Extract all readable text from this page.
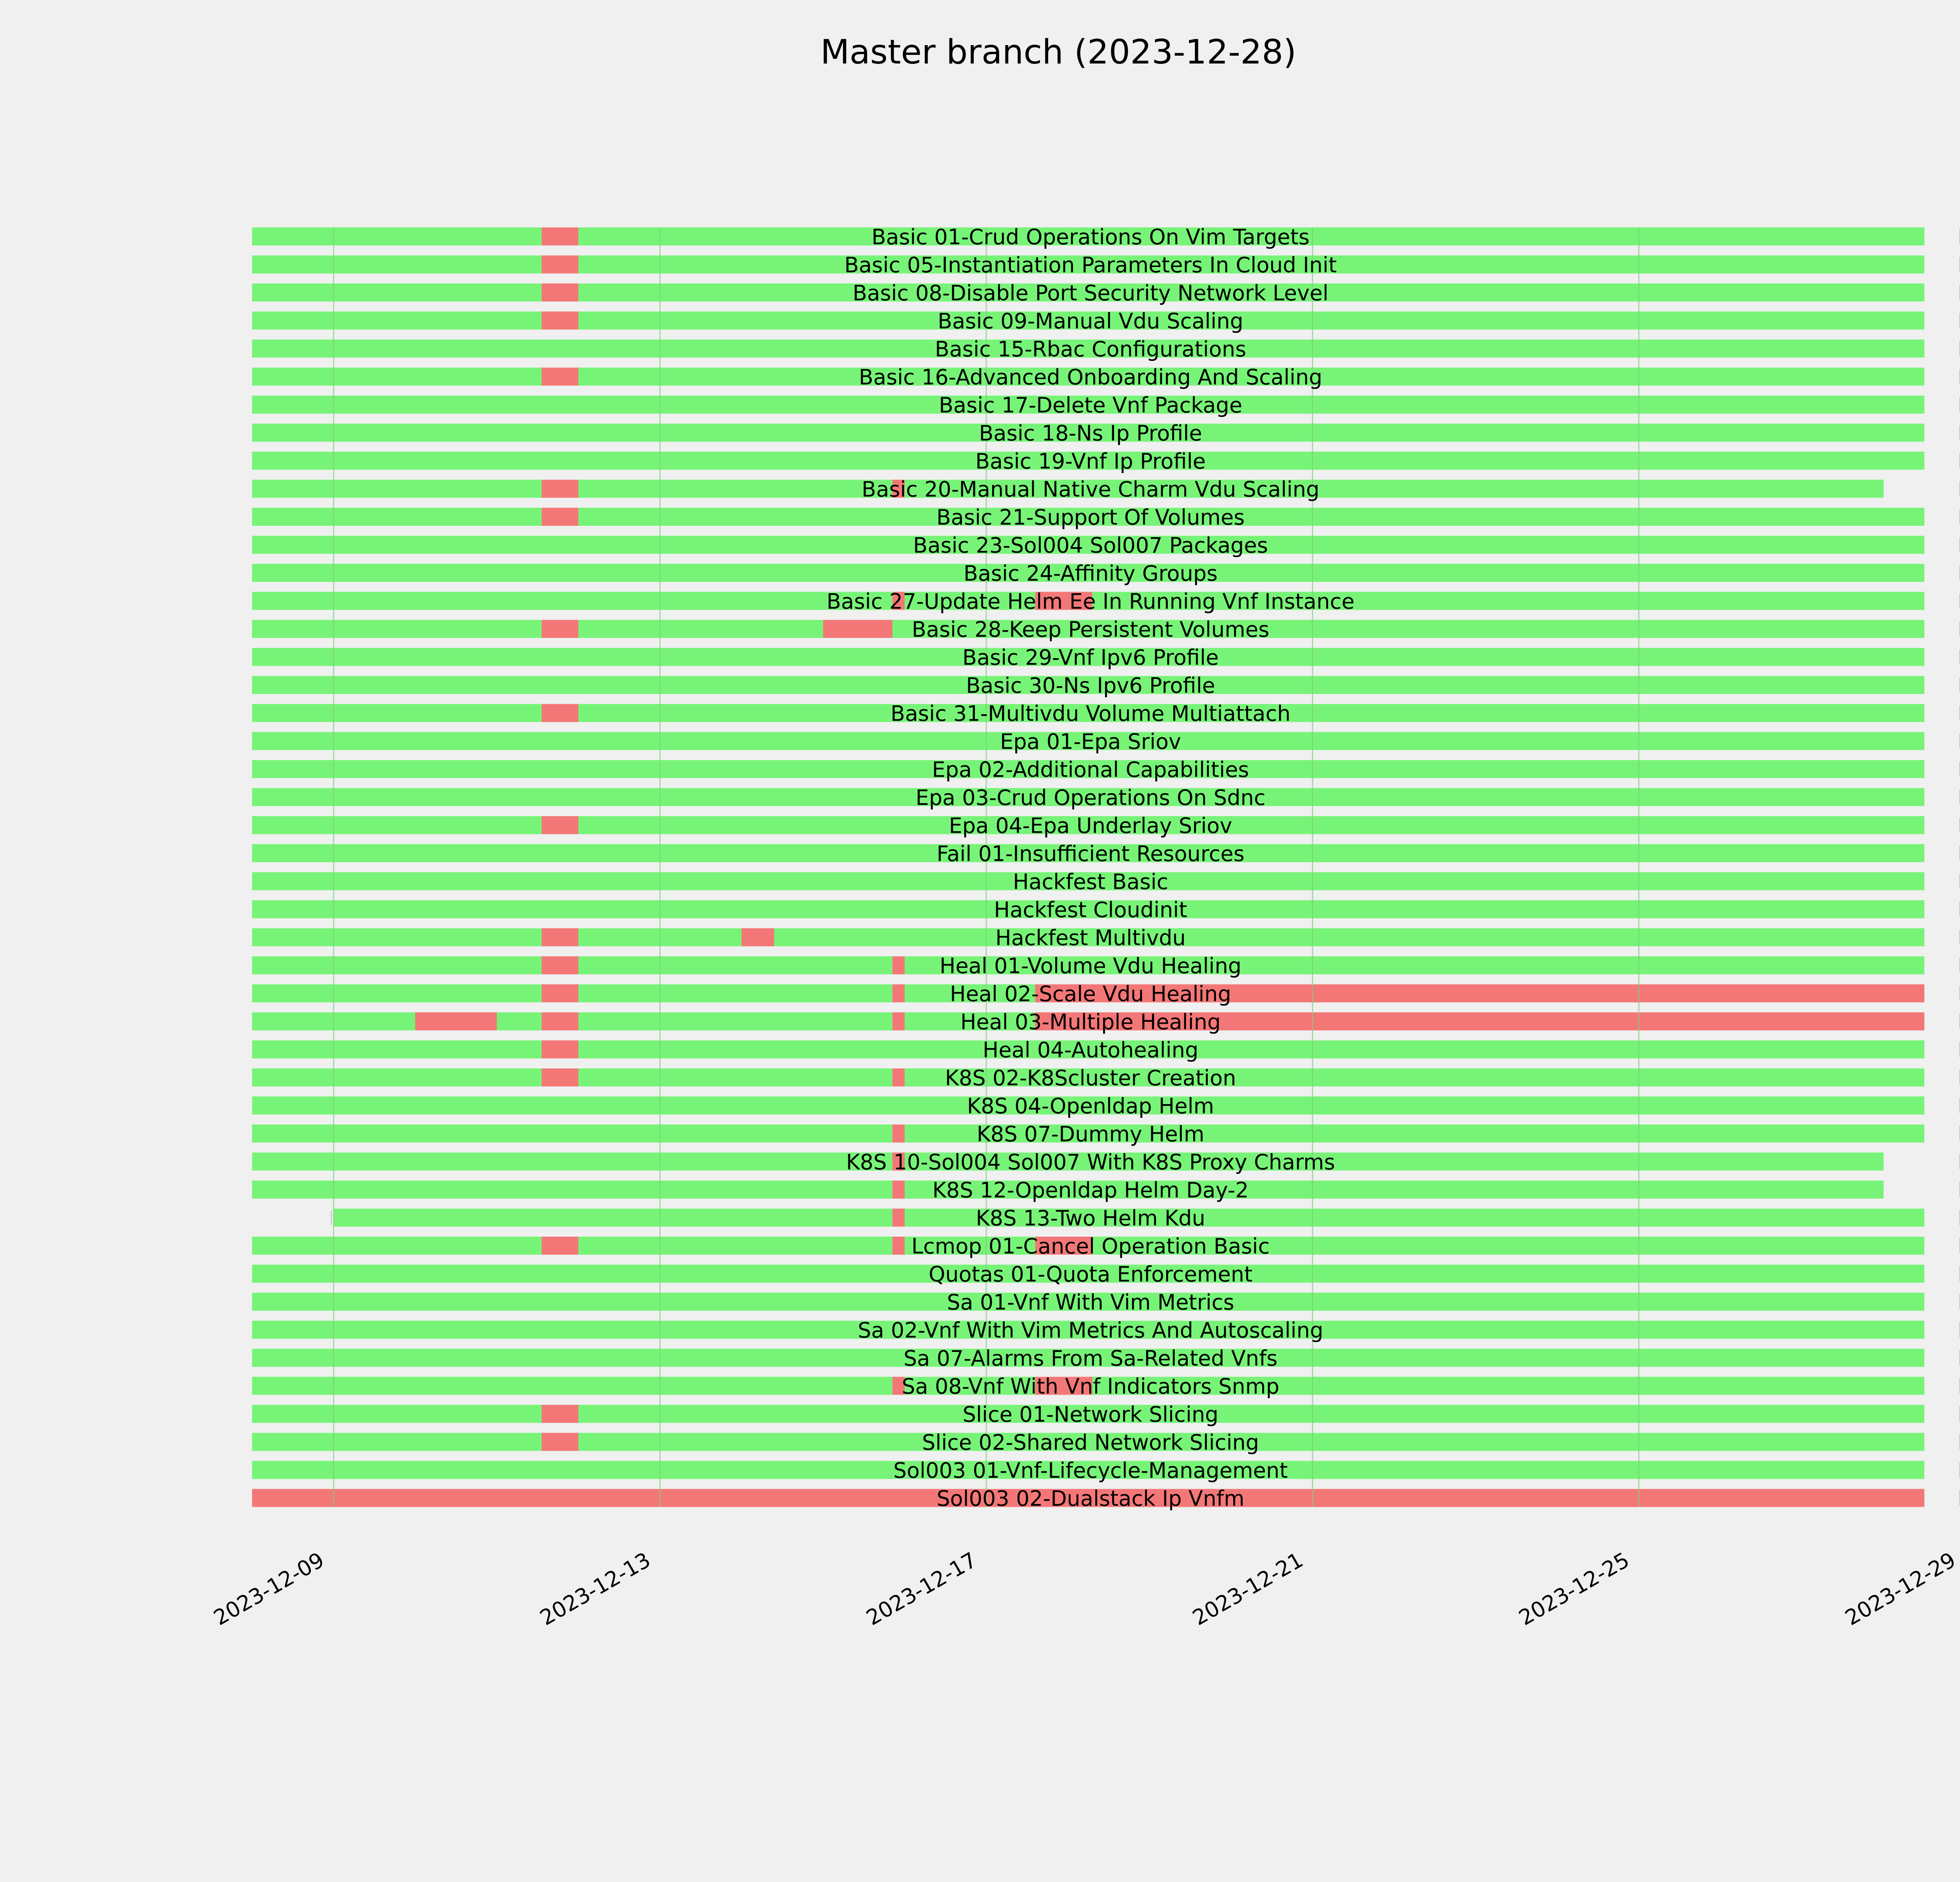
Master branch (2023-12-28)
Basic 01-Crud Operations On Vim Targets
Basic 05-Instantiation Parameters In Cloud Init
Basic 08-Disable Port Security Network Level
Basic 09-Manual Vdu Scaling
Basic 15-Rbac Configurations
Basic 16-Advanced Onboarding And Scaling
Basic 17-Delete Vnf Package
Basic 18-Ns Ip Profile
Basic 19-Vnf Ip Profile
Basic 20-Manual Native Charm Vdu Scaling
Basic 21-Support Of Volumes
Basic 23-Sol004 Sol007 Packages
Basic 24-Affinity Groups
Basic 27-Update Helm Ee In Running Vnf Instance
Basic 28-Keep Persistent Volumes
Basic 29-Vnf Ipv6 Profile
Basic 30-Ns Ipv6 Profile
Basic 31-Multivdu Volume Multiattach
Epa 01-Epa Sriov
Epa 02-Additional Capabilities
Epa 03-Crud Operations On Sdnc
Epa 04-Epa Underlay Sriov
Fail 01-Insufficient Resources
Hackfest Basic
Hackfest Cloudinit
Hackfest Multivdu
Heal 01-Volume Vdu Healing
Heal 02-Scale Vdu Healing
Heal 03-Multiple Healing
Heal 04-Autohealing
K8S 02-K8Scluster Creation
K8S 04-Openldap Helm
K8S 07-Dummy Helm
K8S 10-Sol004 Sol007 With K8S Proxy Charms
K8S 12-Openldap Helm Day-2
K8S 13-Two Helm Kdu
Lcmop 01-Cancel Operation Basic
Quotas 01-Quota Enforcement
Sa 01-Vnf With Vim Metrics
Sa 02-Vnf With Vim Metrics And Autoscaling
Sa 07-Alarms From Sa-Related Vnfs
Sa 08-Vnf With Vnf Indicators Snmp
Slice 01-Network Slicing
Slice 02-Shared Network Slicing
Sol003 01-Vnf-Lifecycle-Management
Sol003 02-Dualstack Ip Vnfm
2023-12-09	2023-12-13	2023-12-17	2023-12-21	2023-12-25	2023-12-29
